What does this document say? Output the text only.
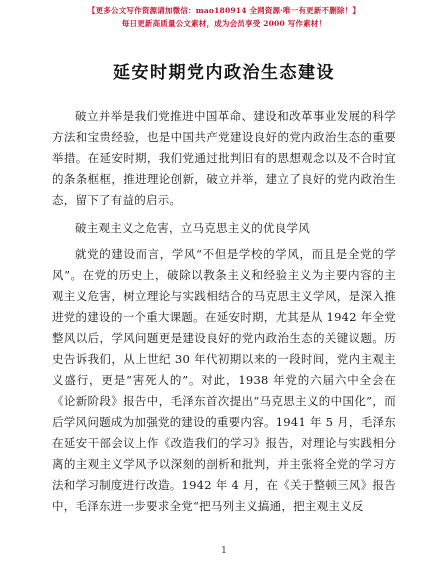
【更多公文写作资源请加微信：mao180914 全网资源·唯一有更新不删除！】
每日更新高质量公文素材，成为会员享受 2000 写作素材！
延安时期党内政治生态建设

破立并举是我们党推进中国革命、建设和改革事业发展的科学方法和宝贵经验，也是中国共产党建设良好的党内政治生态的重要举措。在延安时期，我们党通过批判旧有的思想观念以及不合时宜的条条框框，推进理论创新，破立并举，建立了良好的党内政治生态，留下了有益的启示。

破主观主义之危害，立马克思主义的优良学风

就党的建设而言，学风“不但是学校的学风，而且是全党的学风”。在党的历史上，破除以教条主义和经验主义为主要内容的主观主义危害，树立理论与实践相结合的马克思主义学风，是深入推进党的建设的一个重大课题。在延安时期，尤其是从 1942 年全党整风以后，学风问题更是建设良好的党内政治生态的关键议题。历史告诉我们，从上世纪 30 年代初期以来的一段时间，党内主观主义盛行，更是“害死人的”。对此，1938 年党的六届六中全会在《论新阶段》报告中，毛泽东首次提出“马克思主义的中国化”，而后学风问题成为加强党的建设的重要内容。1941 年 5 月，毛泽东在延安干部会议上作《改造我们的学习》报告，对理论与实践相分离的主观主义学风予以深刻的剖析和批判，并主张将全党的学习方法和学习制度进行改造。1942 年 4 月，在《关于整顿三风》报告中，毛泽东进一步要求全党“把马列主义搞通，把主观主义反

1
